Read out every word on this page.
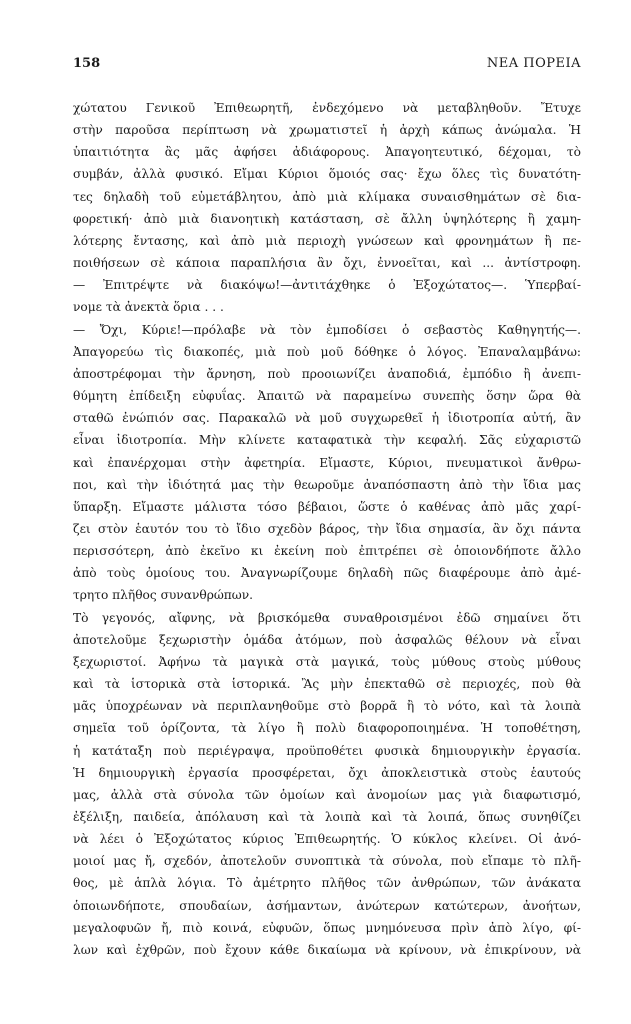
158	ΝΕΑ ΠΟΡΕΙΑ
χώτατου Γενικοῦ Ἐπιθεωρητῆ, ἐνδεχόμενο νὰ μεταβληθοῦν. Ἔτυχε
στὴν παροῦσα περίπτωση νὰ χρωματιστεῖ ἡ ἀρχὴ κάπως ἀνώμαλα. Ἡ
ὑπαιτιότητα ἂς μᾶς ἀφήσει ἀδιάφορους. Ἀπαγοητευτικό, δέχομαι, τὸ
συμβάν, ἀλλὰ φυσικό. Εἴμαι Κύριοι ὅμοιός σας· ἔχω ὅλες τὶς δυνατότη-
τες δηλαδὴ τοῦ εὐμετάβλητου, ἀπὸ μιὰ κλίμακα συναισθημάτων σὲ δια-
φορετική· ἀπὸ μιὰ διανοητικὴ κατάσταση, σὲ ἄλλη ὑψηλότερης ἢ χαμη-
λότερης ἔντασης, καὶ ἀπὸ μιὰ περιοχὴ γνώσεων καὶ φρονημάτων ἢ πε-
ποιθήσεων σὲ κάποια παραπλήσια ἂν ὄχι, ἐννοεῖται, καὶ ... ἀντίστροφη.
— Ἐπιτρέψτε νὰ διακόψω!—ἀντιτάχθηκε ὁ Ἐξοχώτατος—. Ὑπερβαί-
νομε τὰ ἀνεκτὰ ὅρια . . .
— Ὄχι, Κύριε!—πρόλαβε νὰ τὸν ἐμποδίσει ὁ σεβαστὸς Καθηγητής—.
Ἀπαγορεύω τὶς διακοπές, μιὰ ποὺ μοῦ δόθηκε ὁ λόγος. Ἐπαναλαμβάνω:
ἀποστρέφομαι τὴν ἄρνηση, ποὺ προοιωνίζει ἀναποδιά, ἐμπόδιο ἢ ἀνεπι-
θύμητη ἐπίδειξη εὐφυΐας. Ἀπαιτῶ νὰ παραμείνω συνεπὴς ὅσην ὥρα θὰ
σταθῶ ἐνώπιόν σας. Παρακαλῶ νὰ μοῦ συγχωρεθεῖ ἡ ἰδιοτροπία αὐτή, ἂν
εἶναι ἰδιοτροπία. Μὴν κλίνετε καταφατικὰ τὴν κεφαλή. Σᾶς εὐχαριστῶ
καὶ ἐπανέρχομαι στὴν ἀφετηρία. Εἴμαστε, Κύριοι, πνευματικοὶ ἄνθρω-
ποι, καὶ τὴν ἰδιότητά μας τὴν θεωροῦμε ἀναπόσπαστη ἀπὸ τὴν ἴδια μας
ὕπαρξη. Εἴμαστε μάλιστα τόσο βέβαιοι, ὥστε ὁ καθένας ἀπὸ μᾶς χαρί-
ζει στὸν ἑαυτόν του τὸ ἴδιο σχεδὸν βάρος, τὴν ἴδια σημασία, ἂν ὄχι πάντα
περισσότερη, ἀπὸ ἐκεῖνο κι ἐκείνη ποὺ ἐπιτρέπει σὲ ὁποιονδήποτε ἄλλο
ἀπὸ τοὺς ὁμοίους του. Ἀναγνωρίζουμε δηλαδὴ πῶς διαφέρουμε ἀπὸ ἀμέ-
τρητο πλῆθος συνανθρώπων.
Τὸ γεγονός, αἴφνης, νὰ βρισκόμεθα συναθροισμένοι ἐδῶ σημαίνει ὅτι
ἀποτελοῦμε ξεχωριστὴν ὁμάδα ἀτόμων, ποὺ ἀσφαλῶς θέλουν νὰ εἶναι
ξεχωριστοί. Ἀφήνω τὰ μαγικὰ στὰ μαγικά, τοὺς μύθους στοὺς μύθους
καὶ τὰ ἱστορικὰ στὰ ἱστορικά. Ἂς μὴν ἐπεκταθῶ σὲ περιοχές, ποὺ θὰ
μᾶς ὑποχρέωναν νὰ περιπλανηθοῦμε στὸ βορρᾶ ἢ τὸ νότο, καὶ τὰ λοιπὰ
σημεῖα τοῦ ὁρίζοντα, τὰ λίγο ἢ πολὺ διαφοροποιημένα. Ἡ τοποθέτηση,
ἡ κατάταξη ποὺ περιέγραψα, προϋποθέτει φυσικὰ δημιουργικὴν ἐργασία.
Ἡ δημιουργικὴ ἐργασία προσφέρεται, ὄχι ἀποκλειστικὰ στοὺς ἑαυτούς
μας, ἀλλὰ στὰ σύνολα τῶν ὁμοίων καὶ ἀνομοίων μας γιὰ διαφωτισμό,
ἐξέλιξη, παιδεία, ἀπόλαυση καὶ τὰ λοιπὰ καὶ τὰ λοιπά, ὅπως συνηθίζει
νὰ λέει ὁ Ἐξοχώτατος κύριος Ἐπιθεωρητής. Ὁ κύκλος κλείνει. Οἱ ἀνό-
μοιοί μας ἤ, σχεδόν, ἀποτελοῦν συνοπτικὰ τὰ σύνολα, ποὺ εἴπαμε τὸ πλῆ-
θος, μὲ ἁπλὰ λόγια. Τὸ ἀμέτρητο πλῆθος τῶν ἀνθρώπων, τῶν ἀνάκατα
ὁποιωνδήποτε, σπουδαίων, ἀσήμαντων, ἀνώτερων κατώτερων, ἀνοήτων,
μεγαλοφυῶν ἤ, πιὸ κοινά, εὐφυῶν, ὅπως μνημόνευσα πρὶν ἀπὸ λίγο, φί-
λων καὶ ἐχθρῶν, ποὺ ἔχουν κάθε δικαίωμα νὰ κρίνουν, νὰ ἐπικρίνουν, νὰ
